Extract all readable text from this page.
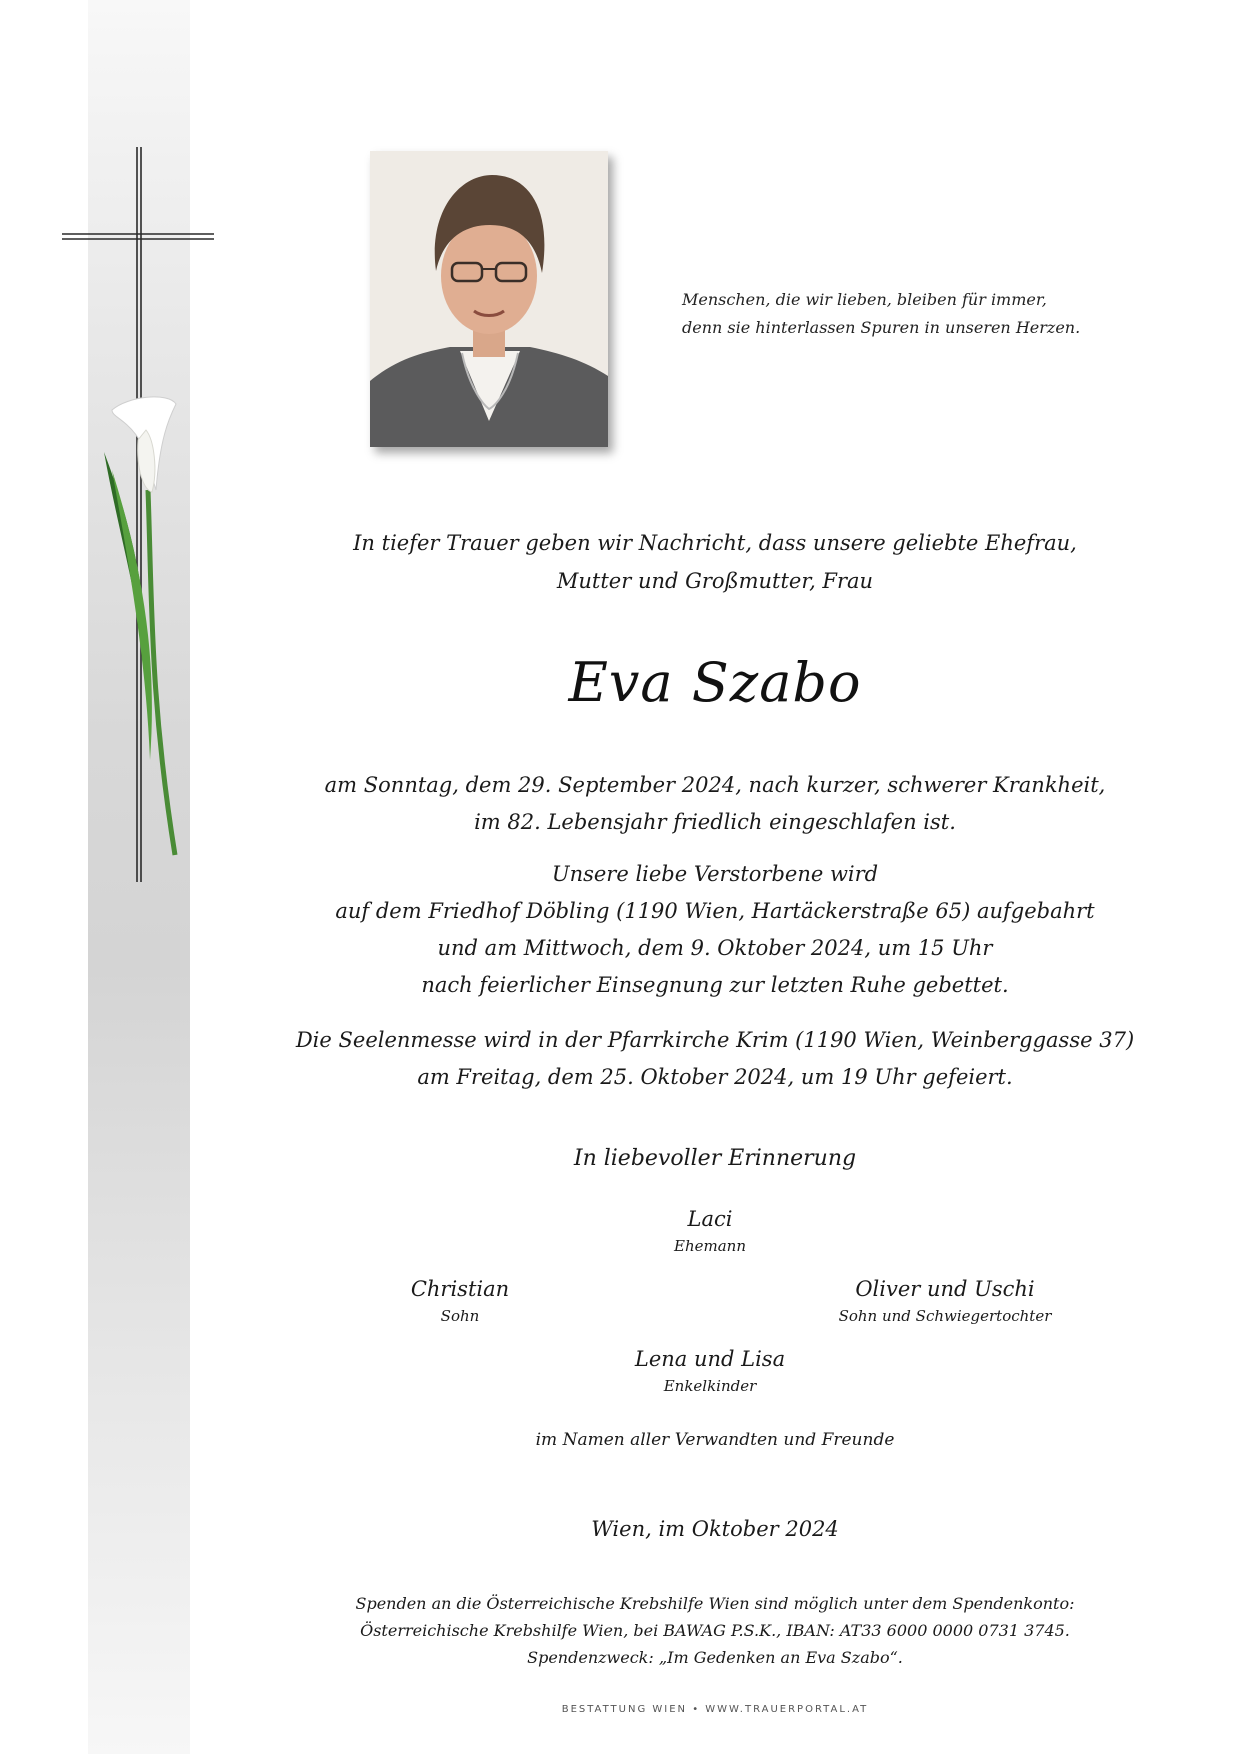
Menschen, die wir lieben, bleiben für immer,
denn sie hinterlassen Spuren in unseren Herzen.
In tiefer Trauer geben wir Nachricht, dass unsere geliebte Ehefrau,
Mutter und Großmutter, Frau
Eva Szabo
am Sonntag, dem 29. September 2024, nach kurzer, schwerer Krankheit,
im 82. Lebensjahr friedlich eingeschlafen ist.
Unsere liebe Verstorbene wird
auf dem Friedhof Döbling (1190 Wien, Hartäckerstraße 65) aufgebahrt
und am Mittwoch, dem 9. Oktober 2024, um 15 Uhr
nach feierlicher Einsegnung zur letzten Ruhe gebettet.
Die Seelenmesse wird in der Pfarrkirche Krim (1190 Wien, Weinberggasse 37)
am Freitag, dem 25. Oktober 2024, um 19 Uhr gefeiert.
In liebevoller Erinnerung
Laci
Ehemann
Christian
Sohn
Oliver und Uschi
Sohn und Schwiegertochter
Lena und Lisa
Enkelkinder
im Namen aller Verwandten und Freunde
Wien, im Oktober 2024
Spenden an die Österreichische Krebshilfe Wien sind möglich unter dem Spendenkonto:
Österreichische Krebshilfe Wien, bei BAWAG P.S.K., IBAN: AT33 6000 0000 0731 3745.
Spendenzweck: „Im Gedenken an Eva Szabo“.
BESTATTUNG WIEN • WWW.TRAUERPORTAL.AT
